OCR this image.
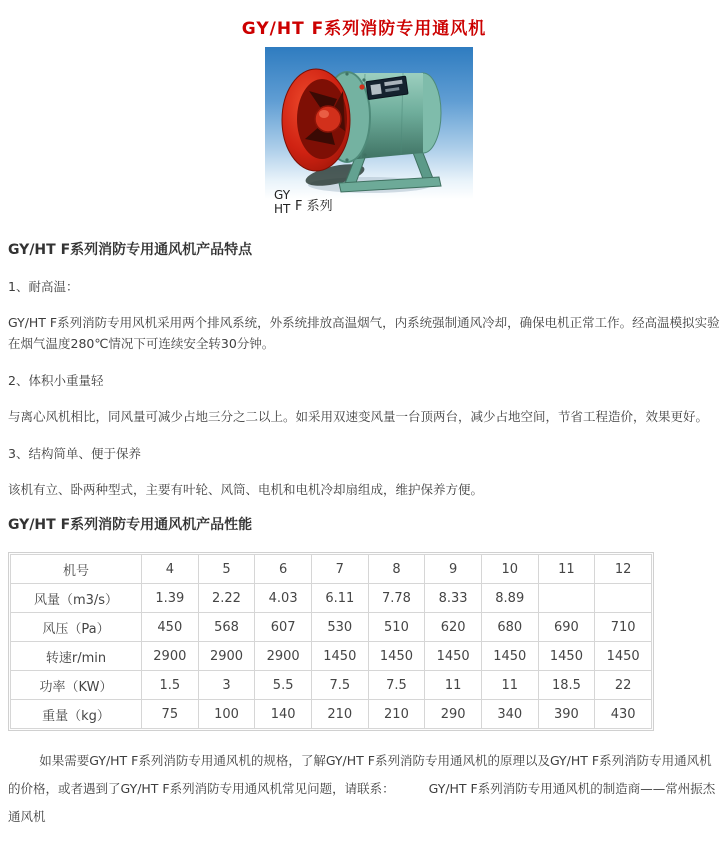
GY/HT F系列消防专用通风机
GY
HT F 系列
GY/HT F系列消防专用通风机产品特点

1、耐高温：

GY/HT F系列消防专用风机采用两个排风系统，外系统排放高温烟气，内系统强制通风冷却，确保电机正常工作。经高温模拟实验在烟气温度280℃情况下可连续安全转30分钟。

2、体积小重量轻

与离心风机相比，同风量可减少占地三分之二以上。如采用双速变风量一台顶两台，减少占地空间，节省工程造价，效果更好。

3、结构简单、便于保养

该机有立、卧两种型式，主要有叶轮、风筒、电机和电机冷却扇组成，维护保养方便。

GY/HT F系列消防专用通风机产品性能
机号	4	5	6	7	8	9	10	11	12
风量（m3/s）	1.39	2.22	4.03	6.11	7.78	8.33	8.89		
风压（Pa）	450	568	607	530	510	620	680	690	710
转速r/min	2900	2900	2900	1450	1450	1450	1450	1450	1450
功率（KW）	1.5	3	5.5	7.5	7.5	11	11	18.5	22
重量（kg）	75	100	140	210	210	290	340	390	430

如果需要GY/HT F系列消防专用通风机的规格，了解GY/HT F系列消防专用通风机的原理以及GY/HT F系列消防专用通风机的价格，或者遇到了GY/HT F系列消防专用通风机常见问题，请联系：	GY/HT F系列消防专用通风机的制造商——常州振杰通风机
